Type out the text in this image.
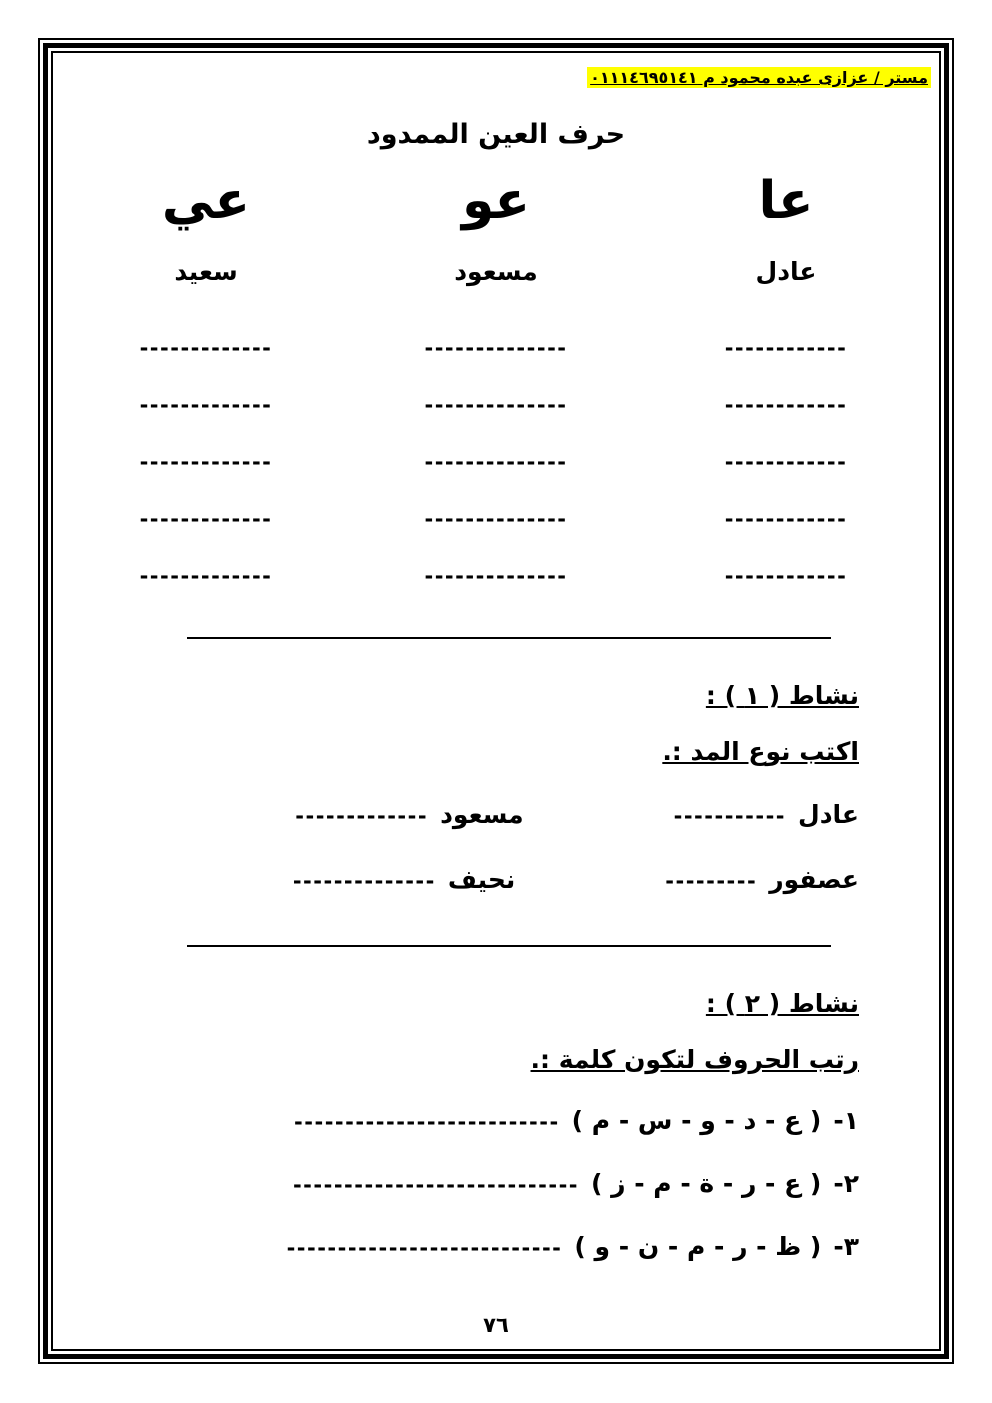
مستر / عزازى عبده محمود م ٠١١١٤٦٩٥١٤١
حرف العين الممدود
عا
عو
عي
عادل
مسعود
سعيد
------------
--------------
-------------
------------
--------------
-------------
------------
--------------
-------------
------------
--------------
-------------
------------
--------------
-------------
نشاط ( ١ ) :
اكتب نوع المد :.
عادل
-----------
مسعود
-------------
عصفور
---------
نحيف
--------------
نشاط ( ٢ ) :
رتب الحروف لتكون كلمة :.
١-
( ع - د - و - س - م )
--------------------------
٢-
( ع - ر - ة - م - ز )
----------------------------
٣-
( ظ - ر - م - ن - و )
---------------------------
٧٦
